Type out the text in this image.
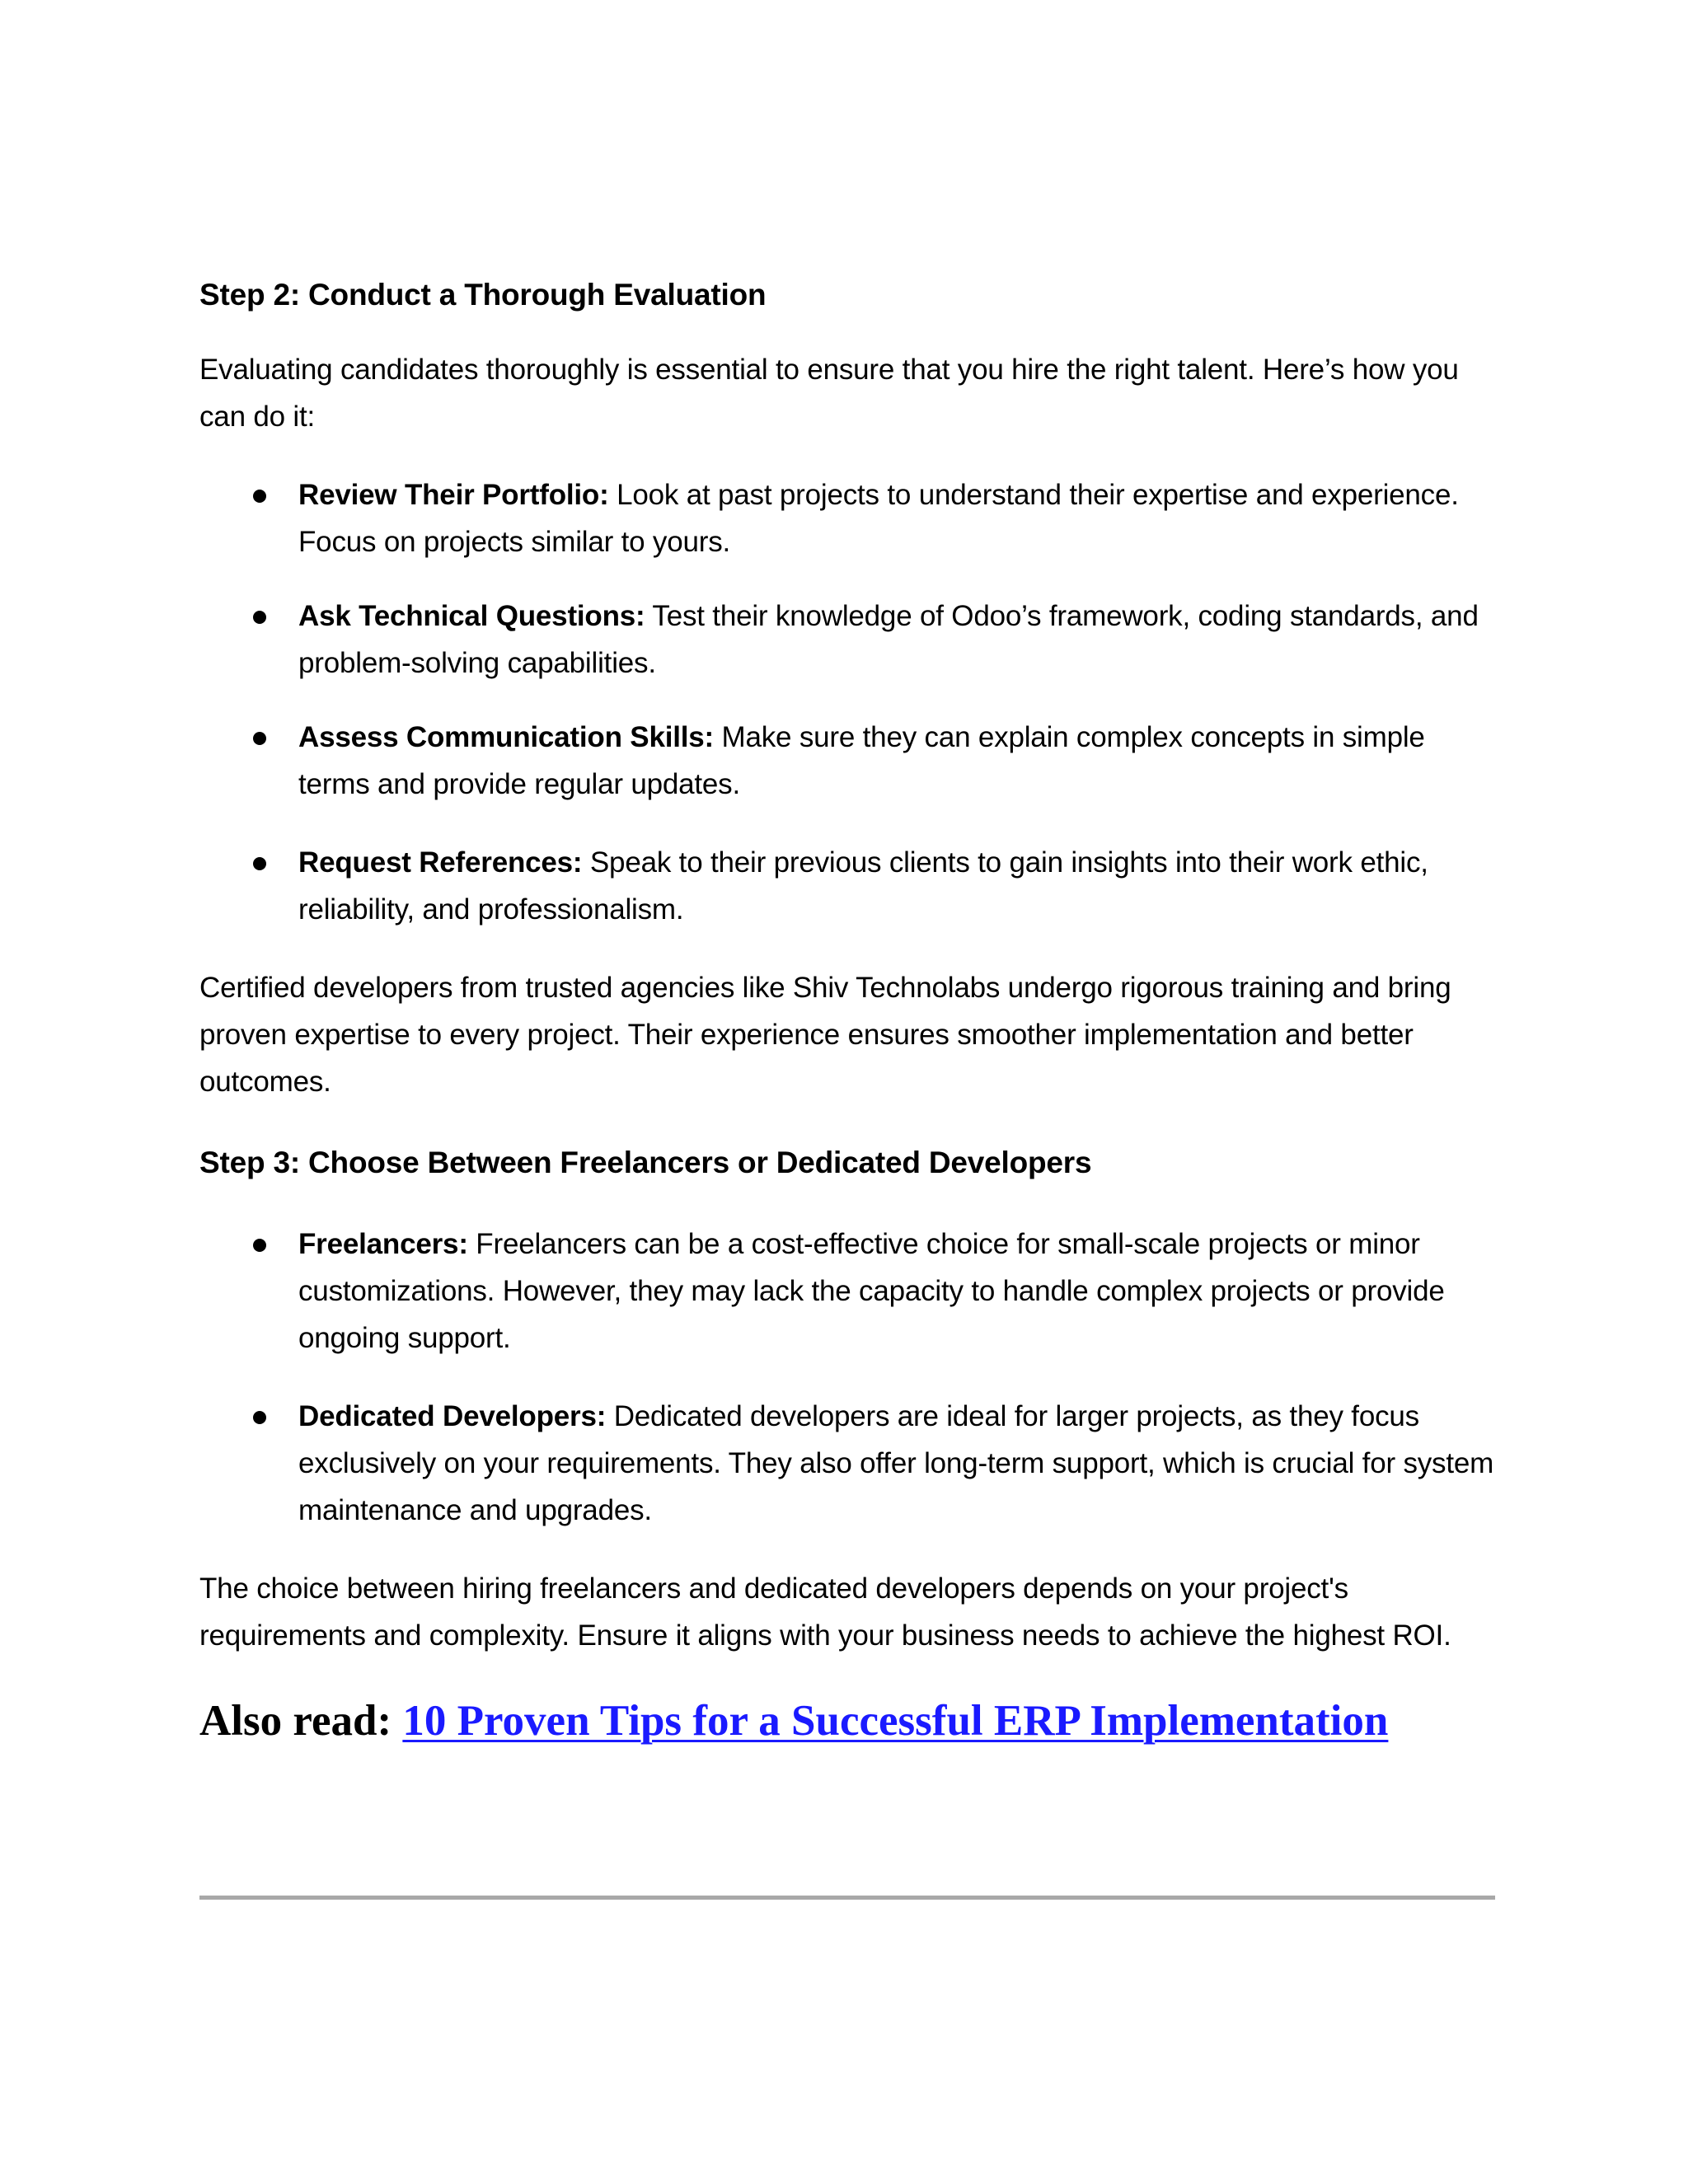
Step 2: Conduct a Thorough Evaluation

Evaluating candidates thoroughly is essential to ensure that you hire the right talent. Here’s how you can do it:

Review Their Portfolio: Look at past projects to understand their expertise and experience. Focus on projects similar to yours.
Ask Technical Questions: Test their knowledge of Odoo’s framework, coding standards, and problem-solving capabilities.
Assess Communication Skills: Make sure they can explain complex concepts in simple terms and provide regular updates.
Request References: Speak to their previous clients to gain insights into their work ethic, reliability, and professionalism.

Certified developers from trusted agencies like Shiv Technolabs undergo rigorous training and bring proven expertise to every project. Their experience ensures smoother implementation and better outcomes.

Step 3: Choose Between Freelancers or Dedicated Developers
Freelancers: Freelancers can be a cost-effective choice for small-scale projects or minor customizations. However, they may lack the capacity to handle complex projects or provide ongoing support.
Dedicated Developers: Dedicated developers are ideal for larger projects, as they focus exclusively on your requirements. They also offer long-term support, which is crucial for system maintenance and upgrades.

The choice between hiring freelancers and dedicated developers depends on your project's requirements and complexity. Ensure it aligns with your business needs to achieve the highest ROI.

Also read: 10 Proven Tips for a Successful ERP Implementation
